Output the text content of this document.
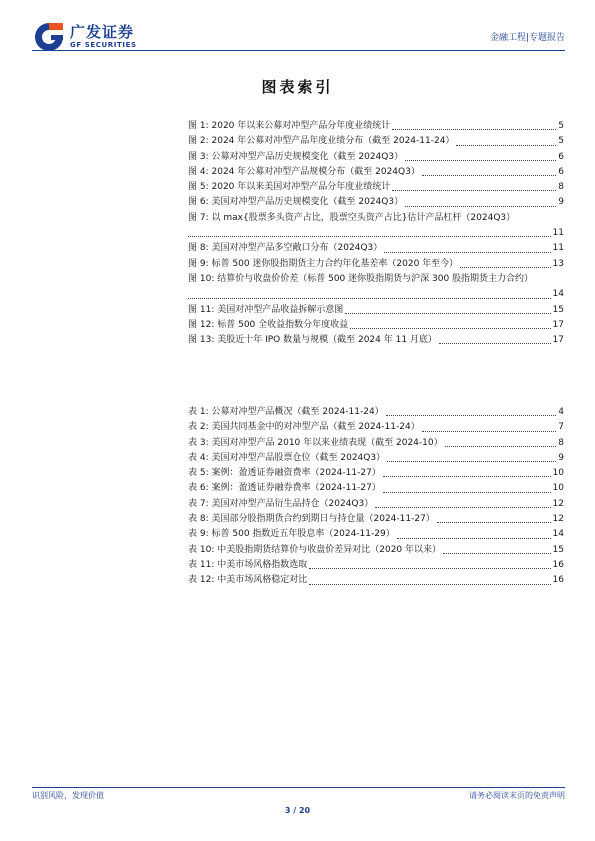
广发证券
GF SECURITIES
金融工程|专题报告
图表索引
图 1: 2020 年以来公募对冲型产品分年度业绩统计	5
图 2: 2024 年公募对冲型产品年度业绩分布（截至 2024-11-24）	5
图 3: 公募对冲型产品历史规模变化（截至 2024Q3）	6
图 4: 2024 年公募对冲型产品规模分布（截至 2024Q3）	6
图 5: 2020 年以来美国对冲型产品分年度业绩统计	8
图 6: 美国对冲型产品历史规模变化（截至 2024Q3）	9
图 7: 以 max{股票多头资产占比，股票空头资产占比}估计产品杠杆（2024Q3）
11
图 8: 美国对冲型产品多空敞口分布（2024Q3）	11
图 9: 标普 500 迷你股指期货主力合约年化基差率（2020 年至今）	13
图 10: 结算价与收盘价价差（标普 500 迷你股指期货与沪深 300 股指期货主力合约）
14
图 11: 美国对冲型产品收益拆解示意图	15
图 12: 标普 500 全收益指数分年度收益	17
图 13: 美股近十年 IPO 数量与规模（截至 2024 年 11 月底）	17
表 1: 公募对冲型产品概况（截至 2024-11-24）	4
表 2: 美国共同基金中的对冲型产品（截至 2024-11-24）	7
表 3: 美国对冲型产品 2010 年以来业绩表现（截至 2024-10）	8
表 4: 美国对冲型产品股票仓位（截至 2024Q3）	9
表 5: 案例：盈透证券融资费率（2024-11-27）	10
表 6: 案例：盈透证券融券费率（2024-11-27）	10
表 7: 美国对冲型产品衍生品持仓（2024Q3）	12
表 8: 美国部分股指期货合约到期日与持仓量（2024-11-27）	12
表 9: 标普 500 指数近五年股息率（2024-11-29）	14
表 10: 中美股指期货结算价与收盘价差异对比（2020 年以来）	15
表 11: 中美市场风格指数选取	16
表 12: 中美市场风格稳定对比	16
识别风险，发现价值	请务必阅读末页的免责声明
3 / 20
